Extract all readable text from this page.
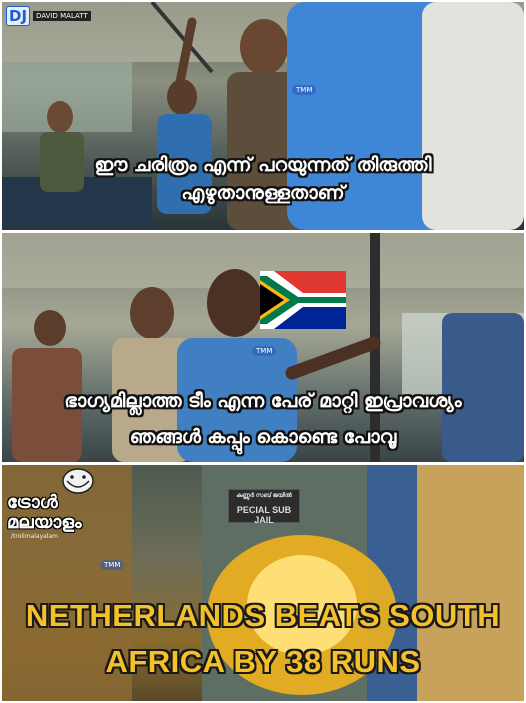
DJ	DAVID MALATT
TMM
ഈ ചരിത്രം എന്ന് പറയുന്നത് തിരുത്തി
എഴുതാനുള്ളതാണ്
TMM
ഭാഗ്യമില്ലാത്ത ടീം എന്ന പേര് മാറ്റി ഇപ്രാവശ്യം
ഞങ്ങൾ കപ്പും കൊണ്ടെ പോവൂ
കണ്ണൂർ സബ് ജയിൽ
PECIAL SUB JAIL
ട്രോൾ മലയാളം
/trolimalayalam
TMM
NETHERLANDS BEATS SOUTH
AFRICA BY 38 RUNS
